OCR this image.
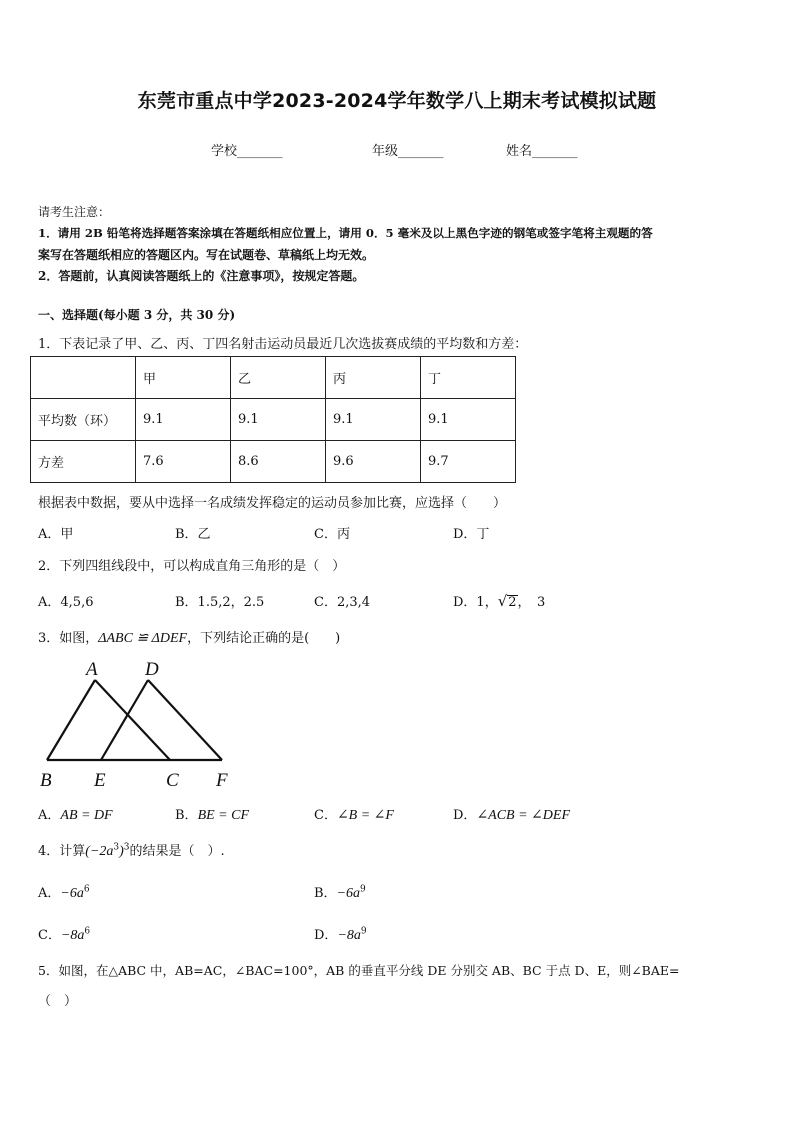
东莞市重点中学2023-2024学年数学八上期末考试模拟试题
学校_______	年级_______	姓名_______
请考生注意：
1．请用 2B 铅笔将选择题答案涂填在答题纸相应位置上，请用 0．5 毫米及以上黑色字迹的钢笔或签字笔将主观题的答
案写在答题纸相应的答题区内。写在试题卷、草稿纸上均无效。
2．答题前，认真阅读答题纸上的《注意事项》，按规定答题。
一、选择题(每小题 3 分，共 30 分)
1．下表记录了甲、乙、丙、丁四名射击运动员最近几次选拔赛成绩的平均数和方差：
	甲	乙	丙	丁
平均数（环）	9.1	9.1	9.1	9.1
方差	7.6	8.6	9.6	9.7
根据表中数据，要从中选择一名成绩发挥稳定的运动员参加比赛，应选择（　　）
A．甲	B．乙	C．丙	D．丁
2．下列四组线段中，可以构成直角三角形的是（　）
A．4,5,6	B．1.5,2，2.5	C．2,3,4	D．1，√2，　3
3．如图，ΔABC ≌ ΔDEF，下列结论正确的是(　　)
A D
B E	C F
A．AB = DF	B．BE = CF	C．∠B = ∠F	D．∠ACB = ∠DEF
4．计算$(-2a^3)^3$的结果是（　）.
A．$-6a^6$	B．$-6a^9$
C．$-8a^6$	D．$-8a^9$
5．如图，在△ABC 中，AB=AC，∠BAC=100°，AB 的垂直平分线 DE 分别交 AB、BC 于点 D、E，则∠BAE=
（　）
